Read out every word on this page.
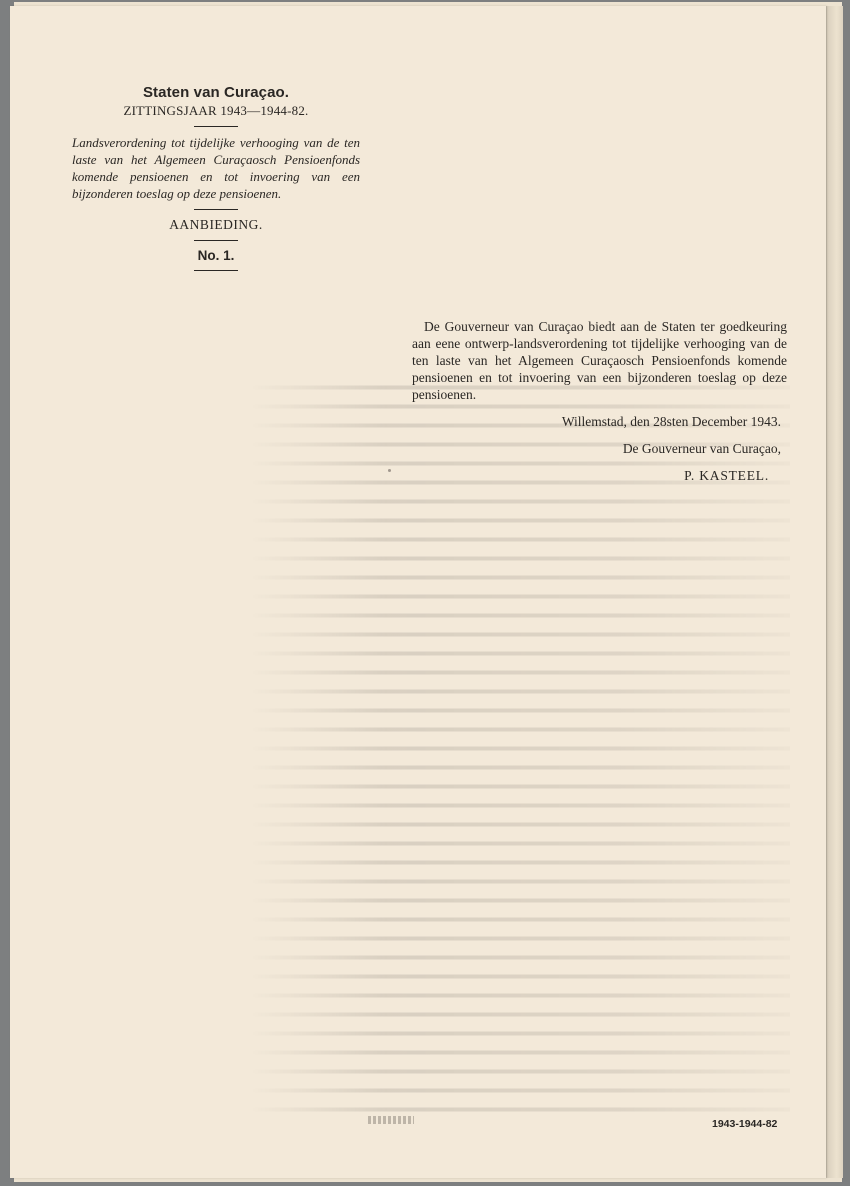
Staten van Curaçao.

ZITTINGSJAAR 1943—1944-82.

Landsverordening tot tijdelijke verhooging van de ten laste van het Algemeen Curaçaosch Pensioenfonds komende pensioenen en tot invoering van een bijzonderen toeslag op deze pensioenen.

AANBIEDING.
No. 1.

De Gouverneur van Curaçao biedt aan de Staten ter goedkeuring aan eene ontwerp-landsverordening tot tijdelijke verhooging van de ten laste van het Algemeen Curaçaosch Pensioenfonds komende pensioenen en tot invoering van een bijzonderen toeslag op deze pensioenen.

Willemstad, den 28sten December 1943.
De Gouverneur van Curaçao,
P. KASTEEL.
1943-1944-82
